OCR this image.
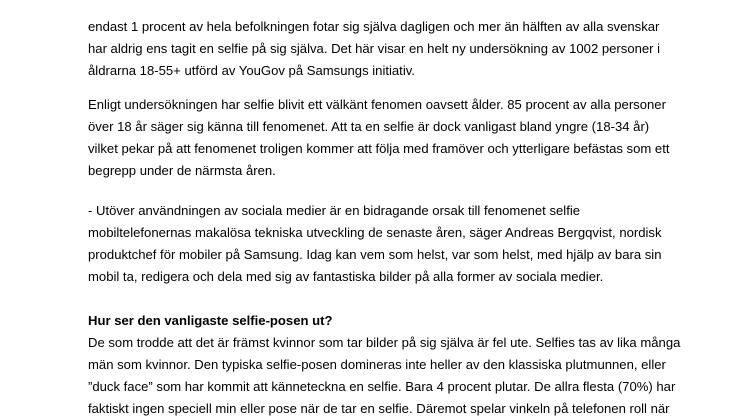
endast 1 procent av hela befolkningen fotar sig själva dagligen och mer än hälften av alla svenskar
har aldrig ens tagit en selfie på sig själva. Det här visar en helt ny undersökning av 1002 personer i
åldrarna 18-55+ utförd av YouGov på Samsungs initiativ.
Enligt undersökningen har selfie blivit ett välkänt fenomen oavsett ålder. 85 procent av alla personer
över 18 år säger sig känna till fenomenet. Att ta en selfie är dock vanligast bland yngre (18-34 år)
vilket pekar på att fenomenet troligen kommer att följa med framöver och ytterligare befästas som ett
begrepp under de närmsta åren.
- Utöver användningen av sociala medier är en bidragande orsak till fenomenet selfie
mobiltelefonernas makalösa tekniska utveckling de senaste åren, säger Andreas Bergqvist, nordisk
produktchef för mobiler på Samsung. Idag kan vem som helst, var som helst, med hjälp av bara sin
mobil ta, redigera och dela med sig av fantastiska bilder på alla former av sociala medier.
Hur ser den vanligaste selfie-posen ut?
De som trodde att det är främst kvinnor som tar bilder på sig själva är fel ute. Selfies tas av lika många
män som kvinnor. Den typiska selfie-posen domineras inte heller av den klassiska plutmunnen, eller
”duck face” som har kommit att känneteckna en selfie. Bara 4 procent plutar. De allra flesta (70%) har
faktiskt ingen speciell min eller pose när de tar en selfie. Däremot spelar vinkeln på telefonen roll när
